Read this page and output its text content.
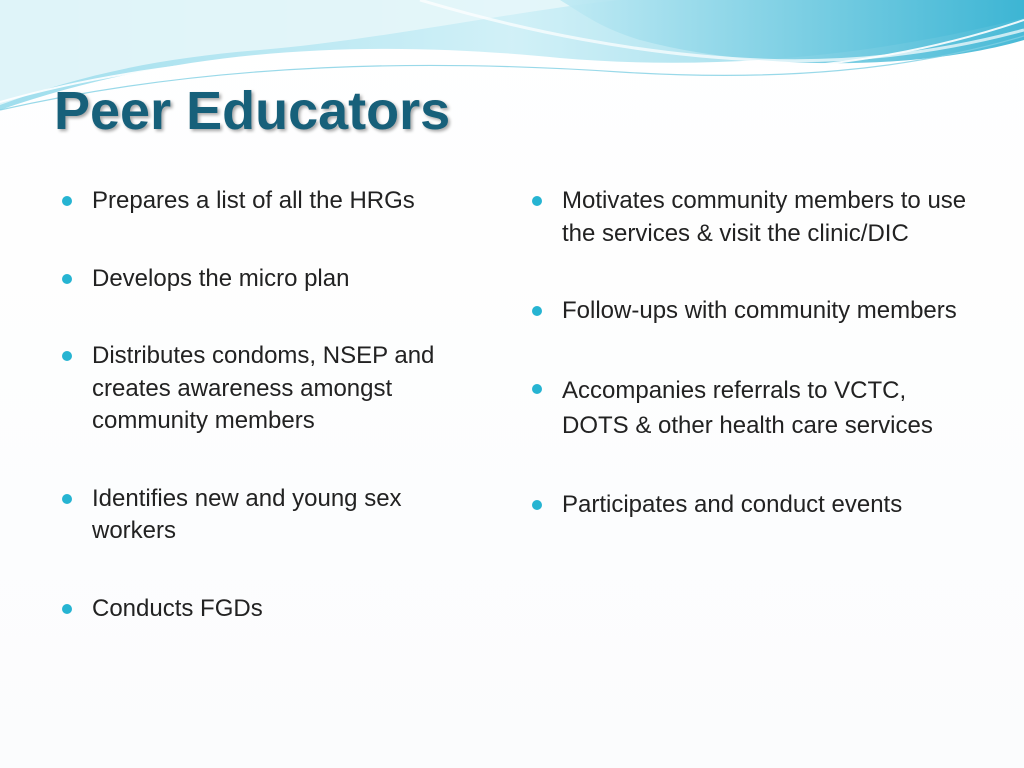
Peer Educators
Prepares a list of all the HRGs
Develops the micro plan
Distributes condoms, NSEP and creates awareness amongst community members
Identifies new and young sex workers
Conducts FGDs
Motivates community members to use the services & visit the clinic/DIC
Follow-ups with community members
Accompanies referrals to VCTC, DOTS & other health care services
Participates and conduct events
